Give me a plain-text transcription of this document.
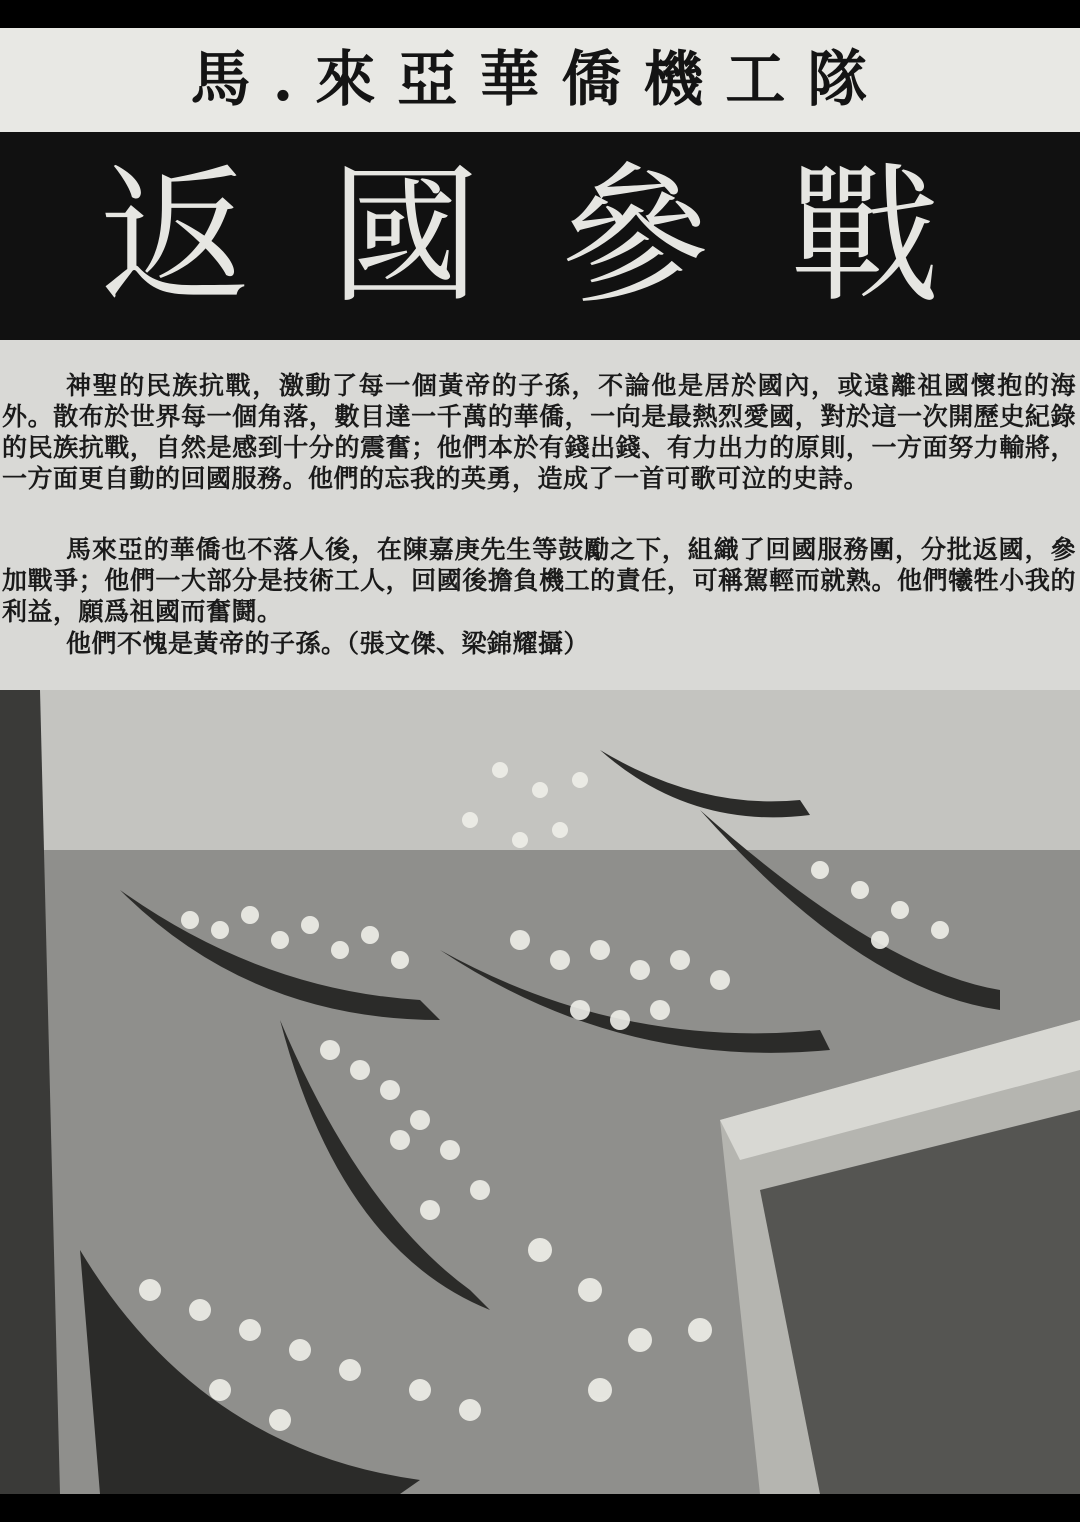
馬.來亞華僑機工隊
返國參戰

神聖的民族抗戰，激動了每一個黃帝的子孫，不論他是居於國內，或遠離祖國懷抱的海外。散布於世界每一個角落，數目達一千萬的華僑，一向是最熱烈愛國，對於這一次開歷史紀錄的民族抗戰，自然是感到十分的震奮；他們本於有錢出錢、有力出力的原則，一方面努力輸將，一方面更自動的回國服務。他們的忘我的英勇，造成了一首可歌可泣的史詩。

馬來亞的華僑也不落人後，在陳嘉庚先生等鼓勵之下，組織了回國服務團，分批返國，參加戰爭；他們一大部分是技術工人，回國後擔負機工的責任，可稱駕輕而就熟。他們犧牲小我的利益，願爲祖國而奮鬪。

他們不愧是黃帝的子孫。（張文傑、梁錦耀攝）
